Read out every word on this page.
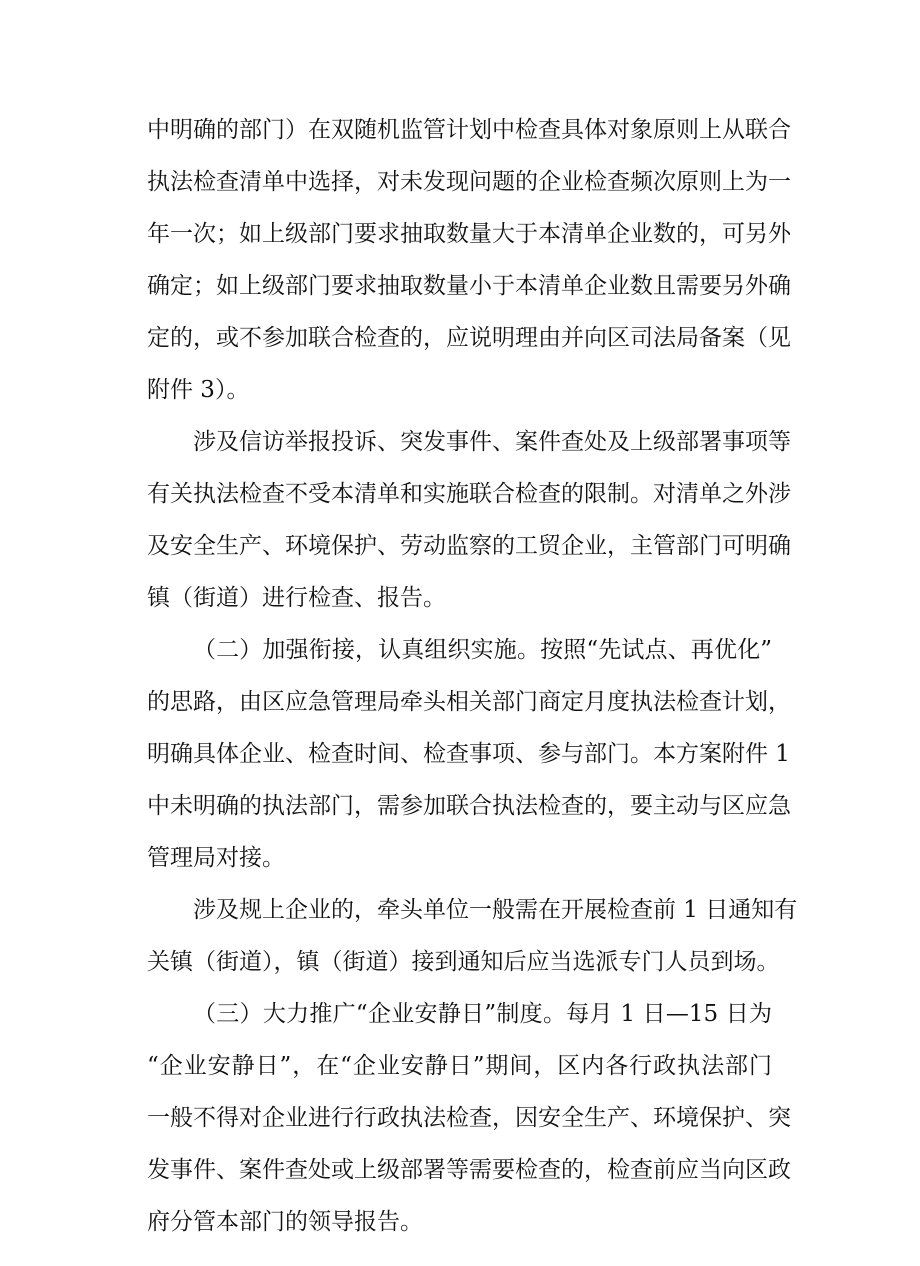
中明确的部门）在双随机监管计划中检查具体对象原则上从联合
执法检查清单中选择，对未发现问题的企业检查频次原则上为一
年一次；如上级部门要求抽取数量大于本清单企业数的，可另外
确定；如上级部门要求抽取数量小于本清单企业数且需要另外确
定的，或不参加联合检查的，应说明理由并向区司法局备案（见
附件 3）。
涉及信访举报投诉、突发事件、案件查处及上级部署事项等
有关执法检查不受本清单和实施联合检查的限制。对清单之外涉
及安全生产、环境保护、劳动监察的工贸企业，主管部门可明确
镇（街道）进行检查、报告。
（二）加强衔接，认真组织实施。按照“先试点、再优化”
的思路，由区应急管理局牵头相关部门商定月度执法检查计划，
明确具体企业、检查时间、检查事项、参与部门。本方案附件 1
中未明确的执法部门，需参加联合执法检查的，要主动与区应急
管理局对接。
涉及规上企业的，牵头单位一般需在开展检查前 1 日通知有
关镇（街道），镇（街道）接到通知后应当选派专门人员到场。
（三）大力推广“企业安静日”制度。每月 1 日—15 日为
“企业安静日”，在“企业安静日”期间，区内各行政执法部门
一般不得对企业进行行政执法检查，因安全生产、环境保护、突
发事件、案件查处或上级部署等需要检查的，检查前应当向区政
府分管本部门的领导报告。
